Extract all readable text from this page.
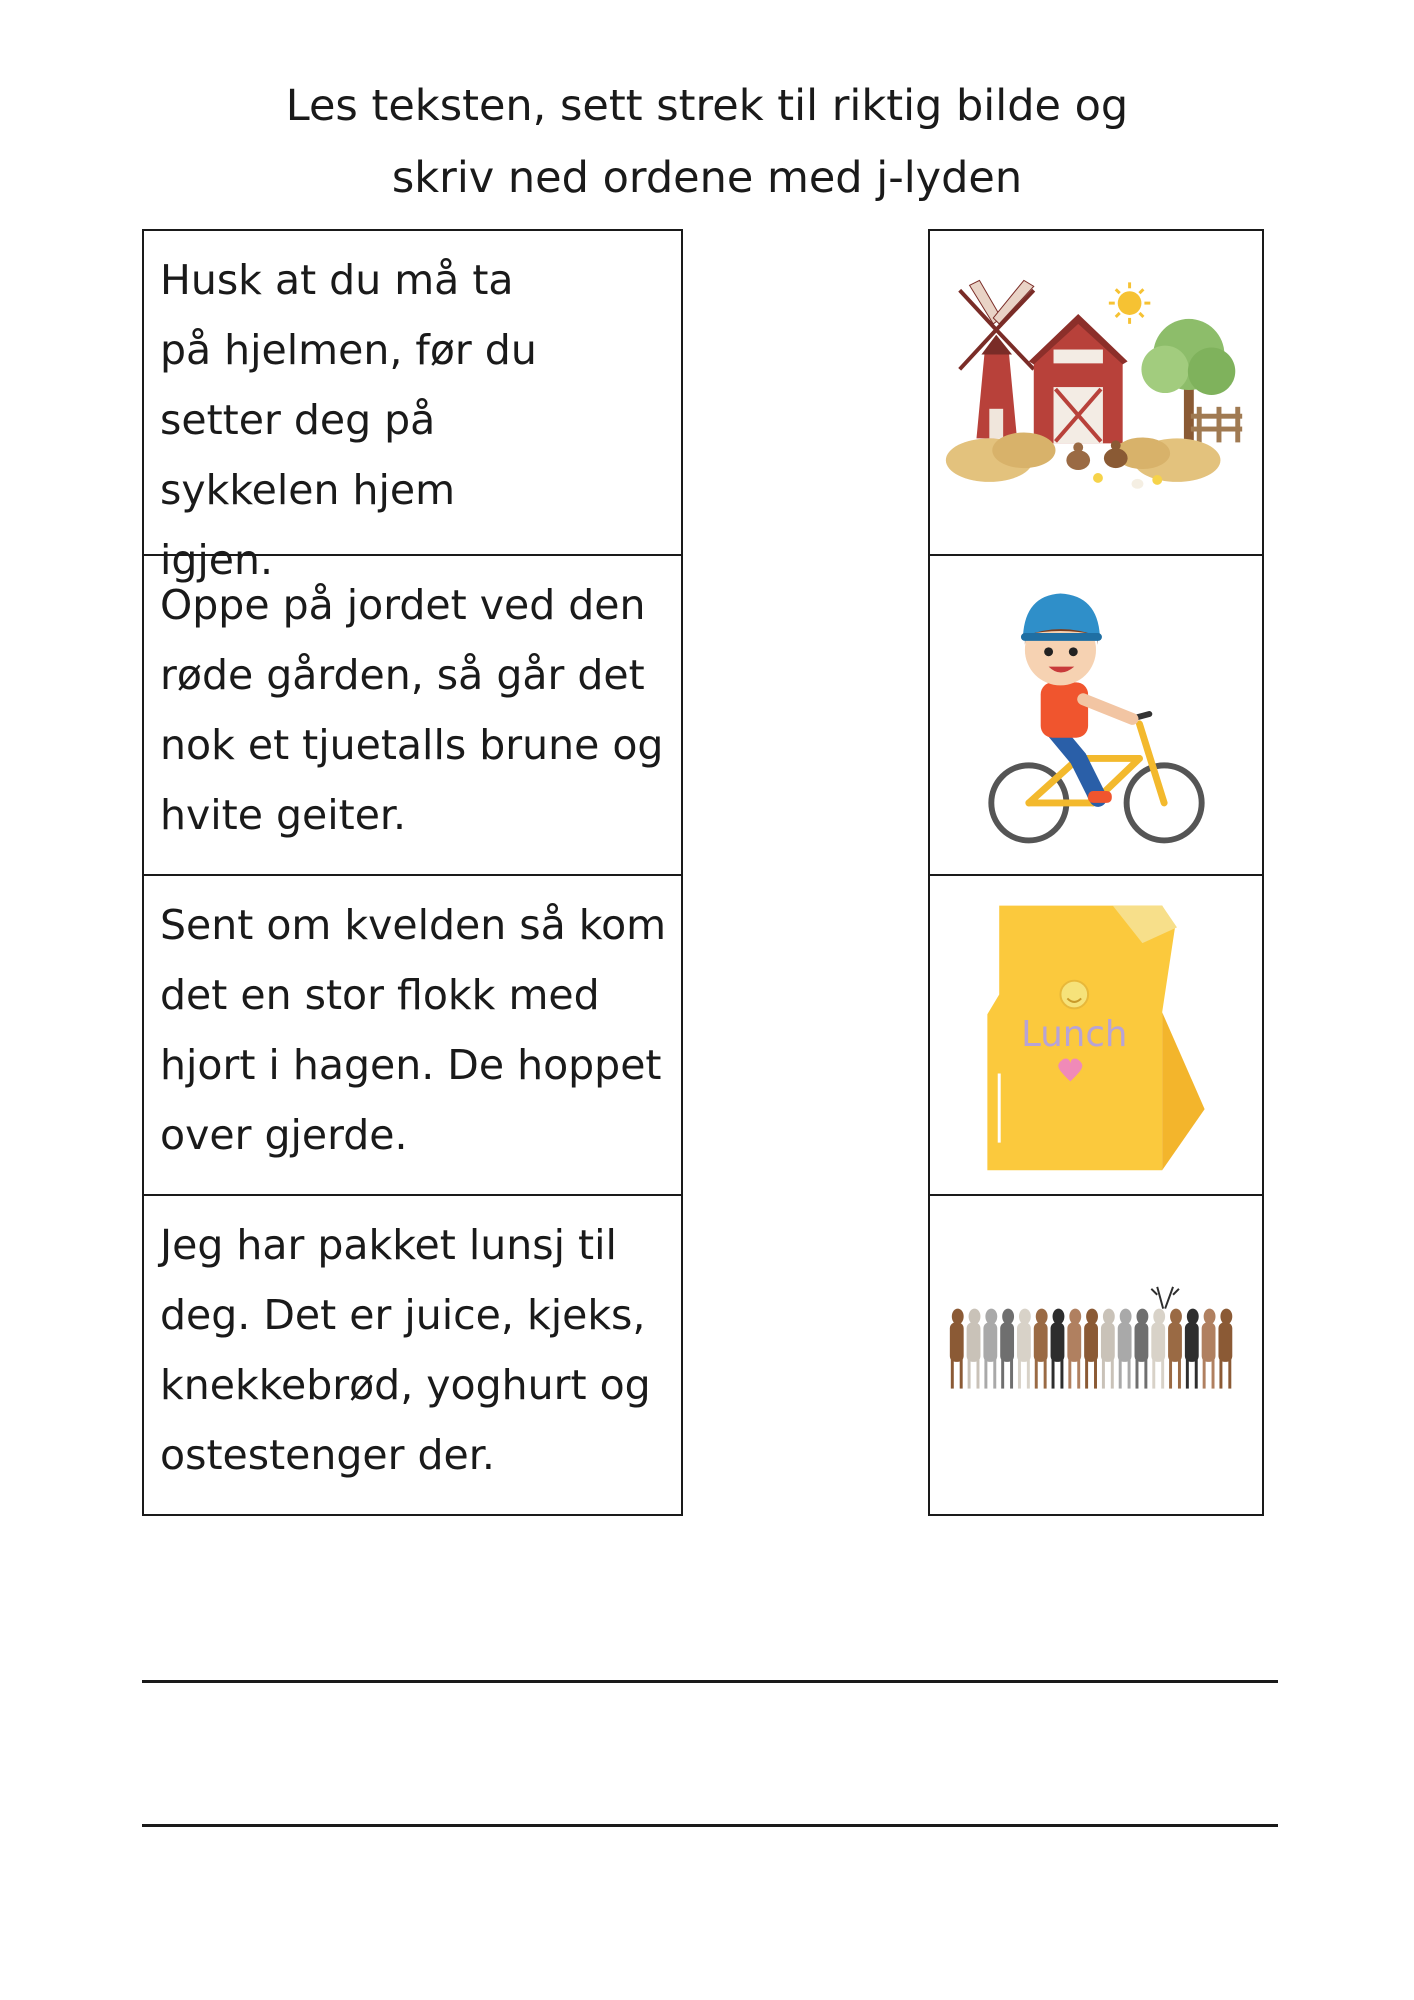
Les teksten, sett strek til riktig bilde og
skriv ned ordene med j-lyden
Husk at du må ta på hjelmen, før du setter deg på sykkelen hjem igjen.
Oppe på jordet ved den røde gården, så går det nok et tjuetalls brune og hvite geiter.
Sent om kvelden så kom det en stor flokk med hjort i hagen. De hoppet over gjerde.
Jeg har pakket lunsj til deg. Det er juice, kjeks, knekkebrød, yoghurt og ostestenger der.
Lunch
